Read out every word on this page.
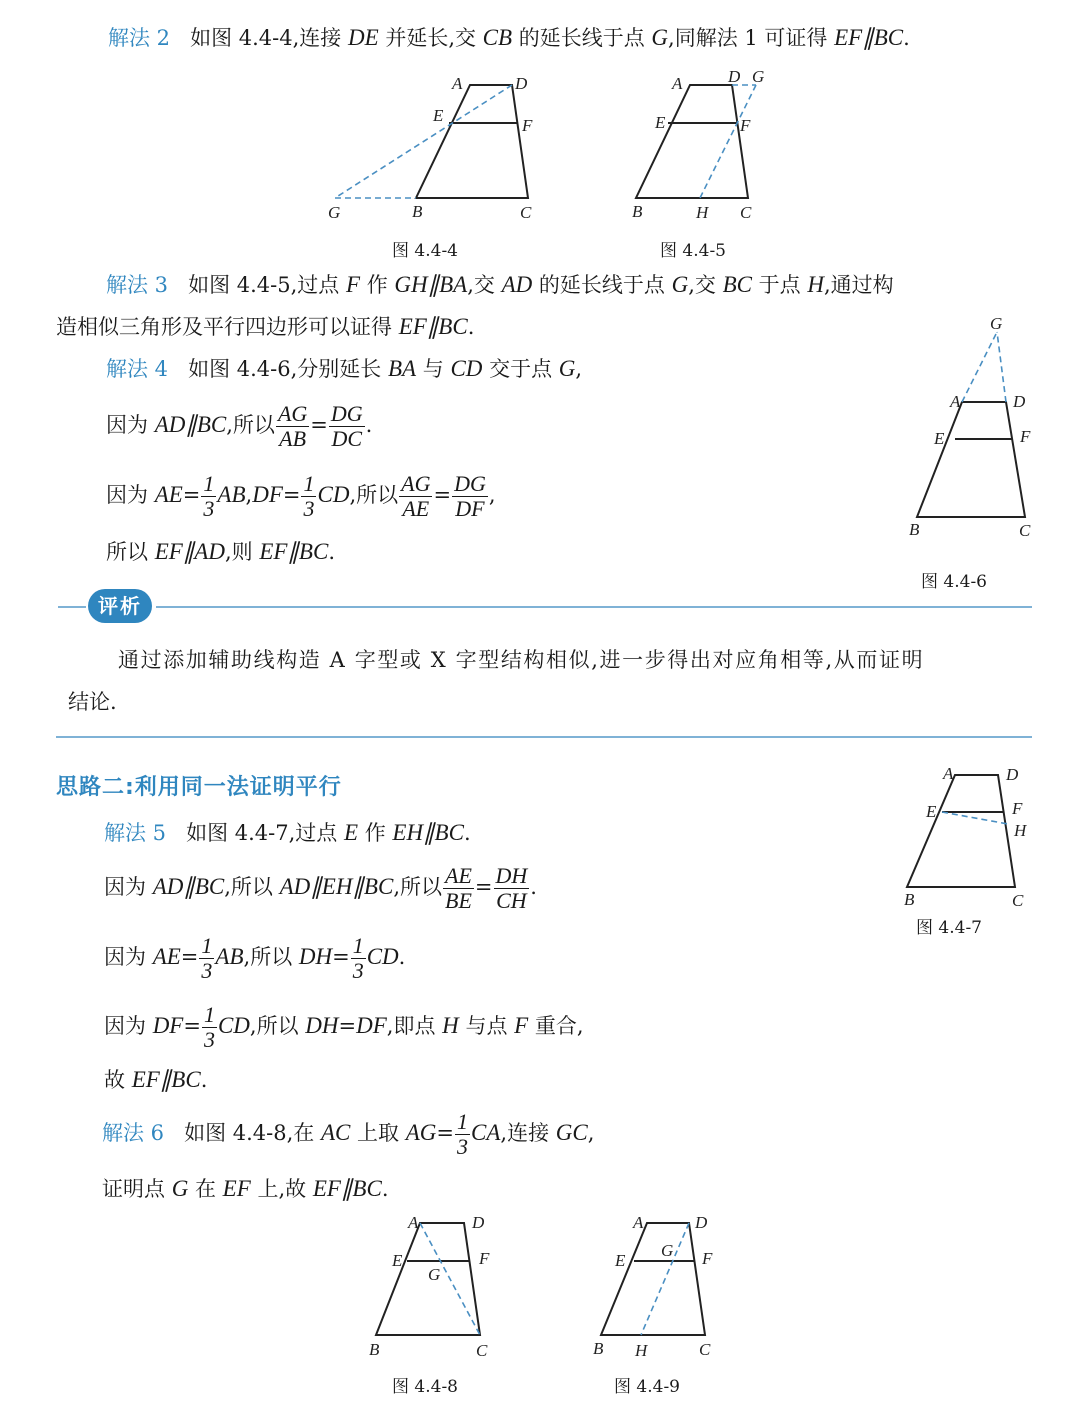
解法 2 如图 4.4-4,连接 DE 并延长,交 CB 的延长线于点 G,同解法 1 可证得 EF∥BC.
A	D
E
F
G	B	C
图 4.4-4
A	D G
E	F
B	H C
图 4.4-5
解法 3 如图 4.4-5,过点 F 作 GH∥BA,交 AD 的延长线于点 G,交 BC 于点 H,通过构
造相似三角形及平行四边形可以证得 EF∥BC.
解法 4 如图 4.4-6,分别延长 BA 与 CD 交于点 G,
因为 AD∥BC,所以 $\frac{AG}{AB} = \frac{DG}{DC}$ .
因为 $AE= \frac{1}{3} AB,DF= \frac{1}{3}$ CD,所以 $\frac{AG}{AE} = \frac{DG}{DF}$ ,
所以 EF∥AD,则 EF∥BC.
G
A	D
E	F
B	C
图 4.4-6
评析
通过添加辅助线构造 A 字型或 X 字型结构相似,进一步得出对应角相等,从而证明
结论.
思路二:利用同一法证明平行
A	D
E	F
H
B	C
图 4.4-7
解法 5 如图 4.4-7,过点 E 作 EH∥BC.
因为 AD∥BC,所以 AD∥EH∥BC,所以 $\frac{AE}{BE} = \frac{DH}{CH}$ .
因为 $AE= \frac{1}{3}$ AB,所以 $DH= \frac{1}{3}$ CD.
因为 $DF= \frac{1}{3}$ CD,所以 DH=DF,即点 H 与点 F 重合,
故 EF∥BC.
解法 6 如图 4.4-8,在 AC 上取 $AG= \frac{1}{3}$ CA,连接 GC,
证明点 G 在 EF 上,故 EF∥BC.
A	D
E	F
G
B	C
图 4.4-8
A	D
G
E	F
B H	C
图 4.4-9
